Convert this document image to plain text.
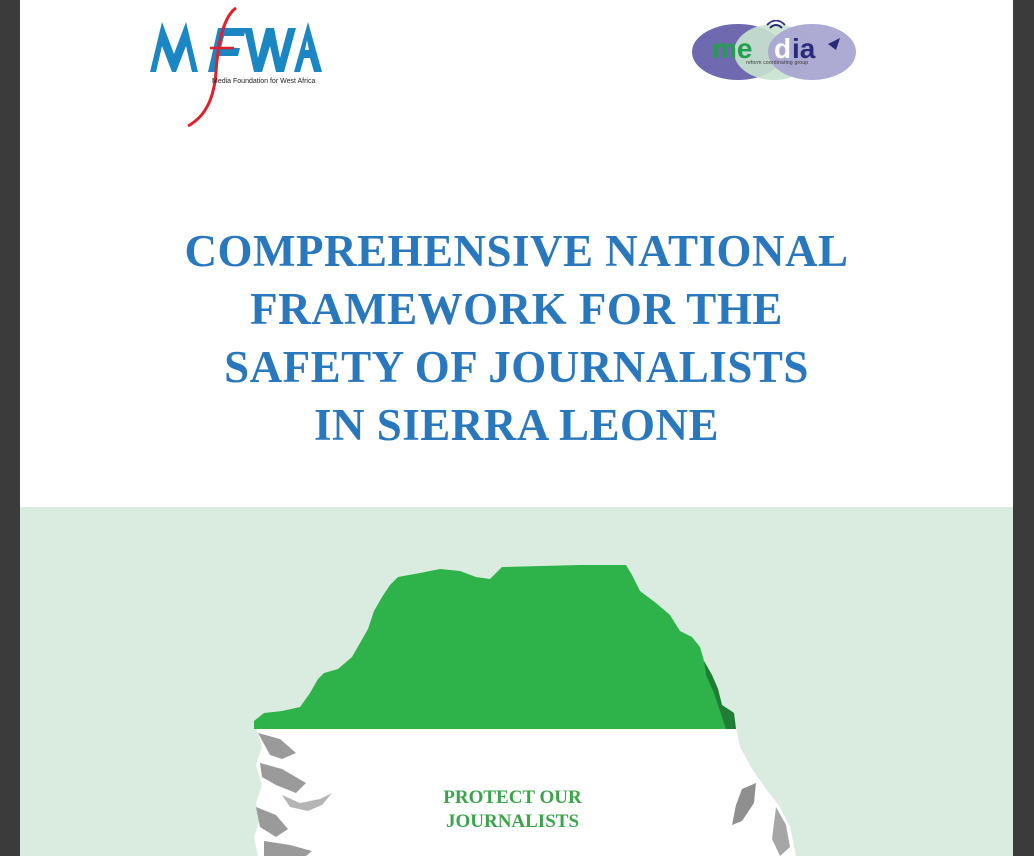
Media Foundation for West Africa
me d ia
reform coordinating group
COMPREHENSIVE NATIONAL
FRAMEWORK FOR THE
SAFETY OF JOURNALISTS
IN SIERRA LEONE
PROTECT OUR
JOURNALISTS
